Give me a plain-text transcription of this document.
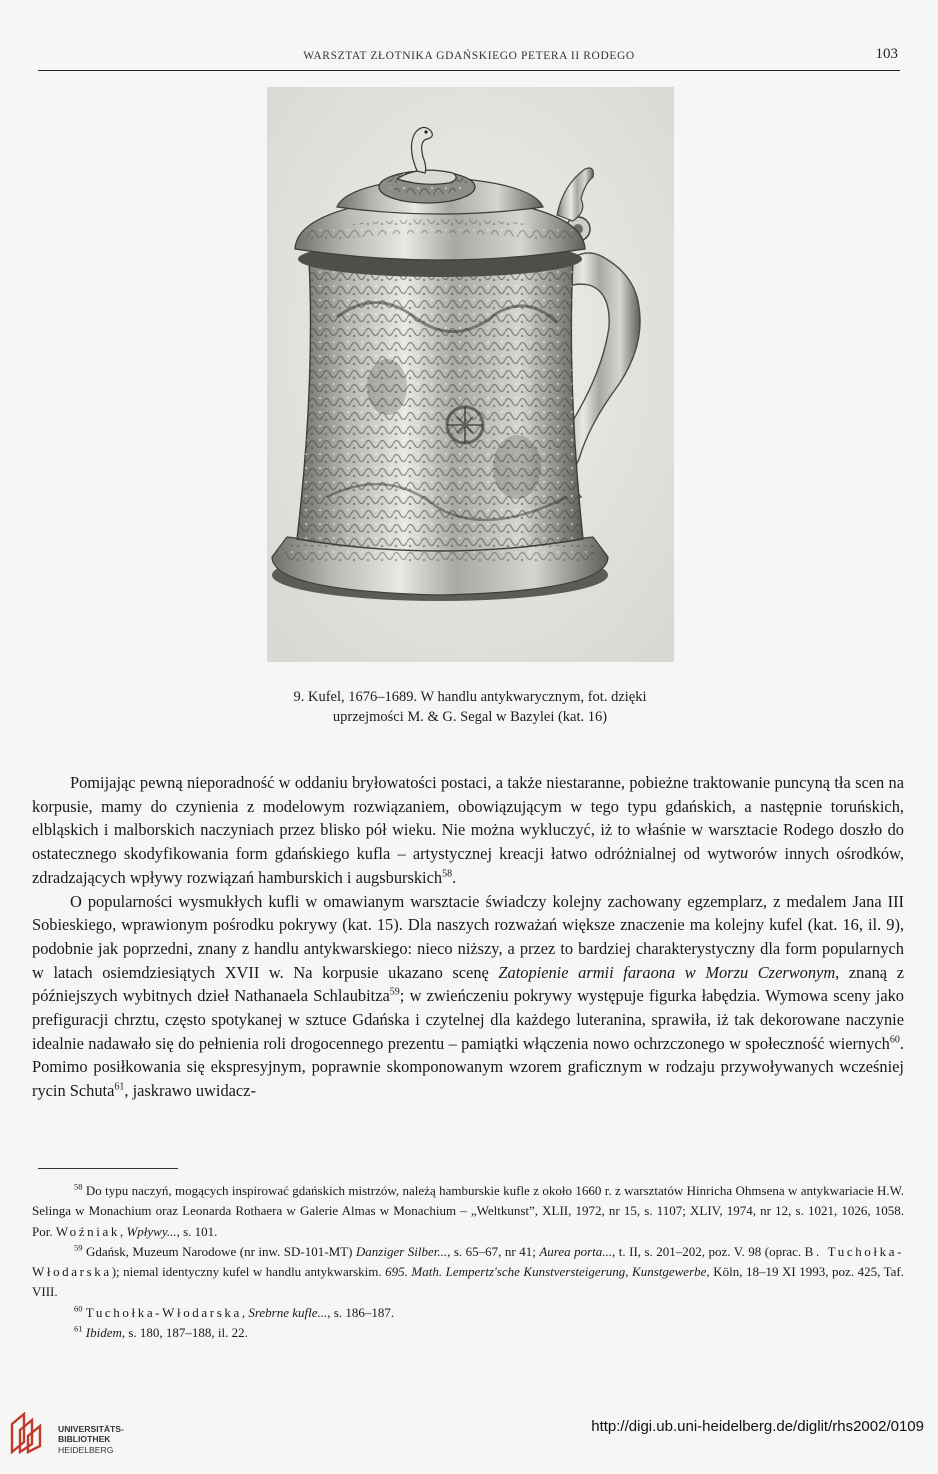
WARSZTAT ZŁOTNIKA GDAŃSKIEGO PETERA II RODEGO	103
9. Kufel, 1676–1689. W handlu antykwarycznym, fot. dzięki
uprzejmości M. & G. Segal w Bazylei (kat. 16)

Pomijając pewną nieporadność w oddaniu bryłowatości postaci, a także niestaranne, pobieżne traktowanie puncyną tła scen na korpusie, mamy do czynienia z modelowym rozwiązaniem, obowiązującym w tego typu gdańskich, a następnie toruńskich, elbląskich i malborskich naczyniach przez blisko pół wieku. Nie można wykluczyć, iż to właśnie w warsztacie Rodego doszło do ostatecznego skodyfikowania form gdańskiego kufla – artystycznej kreacji łatwo odróżnialnej od wytworów innych ośrodków, zdradzających wpływy rozwiązań hamburskich i augsburskich$^{58}$.

O popularności wysmukłych kufli w omawianym warsztacie świadczy kolejny zachowany egzemplarz, z medalem Jana III Sobieskiego, wprawionym pośrodku pokrywy (kat. 15). Dla naszych rozważań większe znaczenie ma kolejny kufel (kat. 16, il. 9), podobnie jak poprzedni, znany z handlu antykwarskiego: nieco niższy, a przez to bardziej charakterystyczny dla form popularnych w latach osiemdziesiątych XVII w. Na korpusie ukazano scenę Zatopienie armii faraona w Morzu Czerwonym, znaną z późniejszych wybitnych dzieł Nathanaela Schlaubitza$^{59}$; w zwieńczeniu pokrywy występuje figurka łabędzia. Wymowa sceny jako prefiguracji chrztu, często spotykanej w sztuce Gdańska i czytelnej dla każdego luteranina, sprawiła, iż tak dekorowane naczynie idealnie nadawało się do pełnienia roli drogocennego prezentu – pamiątki włączenia nowo ochrzczonego w społeczność wiernych$^{60}$. Pomimo posiłkowania się ekspresyjnym, poprawnie skomponowanym wzorem graficznym w rodzaju przywoływanych wcześniej rycin Schuta$^{61}$, jaskrawo uwidacz-

$^{58}$ Do typu naczyń, mogących inspirować gdańskich mistrzów, należą hamburskie kufle z około 1660 r. z warsztatów Hinricha Ohmsena w antykwariacie H.W. Selinga w Monachium oraz Leonarda Rothaera w Galerie Almas w Monachium – „Weltkunst”, XLII, 1972, nr 15, s. 1107; XLIV, 1974, nr 12, s. 1021, 1026, 1058. Por. Woźniak, Wpływy..., s. 101.

$^{59}$ Gdańsk, Muzeum Narodowe (nr inw. SD-101-MT) Danziger Silber..., s. 65–67, nr 41; Aurea porta..., t. II, s. 201–202, poz. V. 98 (oprac. B. Tuchołka-Włodarska); niemal identyczny kufel w handlu antykwarskim. 695. Math. Lempertz'sche Kunstversteigerung, Kunstgewerbe, Köln, 18–19 XI 1993, poz. 425, Taf. VIII.

$^{60}$ Tuchołka-Włodarska, Srebrne kufle..., s. 186–187.

$^{61}$ Ibidem, s. 180, 187–188, il. 22.

UNIVERSITÄTS-
BIBLIOTHEK
HEIDELBERG
http://digi.ub.uni-heidelberg.de/diglit/rhs2002/0109
